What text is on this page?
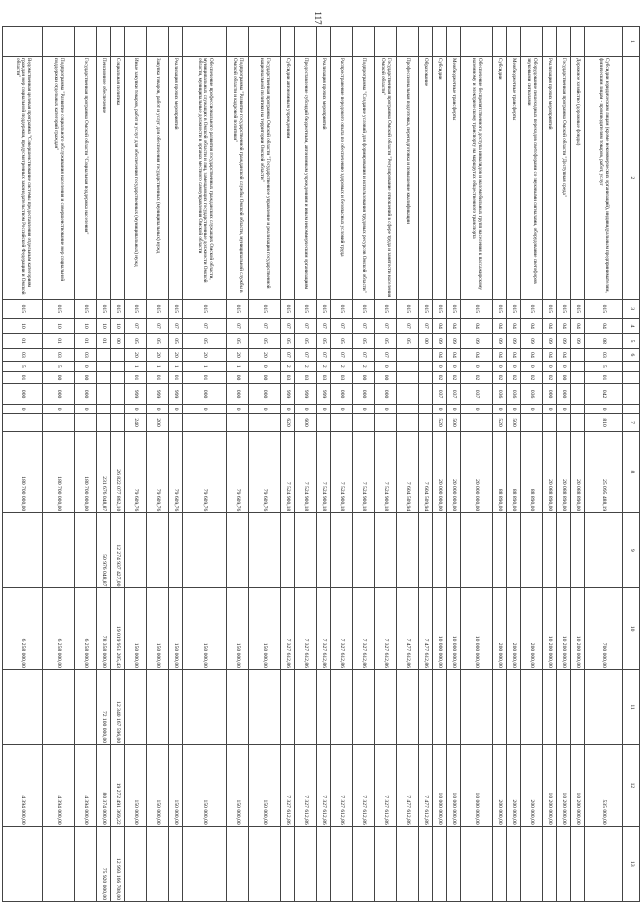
117
1	2	3	4	5	6					7	8	9	10	11	12	13
	Субсидии юридическим лицам (кроме некоммерческих организаций), индивидуальным предпринимателям, физическим лицам - производителям товаров, работ, услуг	015	04	08	03	5	01	042	0	810	25 095 488,19		700 000,00		535 000,00	
	Дорожное хозяйство (дорожные фонды)	015	04	09							20 088 890,00		10 200 000,00		10 200 000,00	
	Государственная программа Омской области "Доступная среда"	015	04	09	04	0	00	000	0		20 088 890,00		10 200 000,00		10 200 000,00	
	Реализация прочих мероприятий	015	04	09	04	0	02	000	0		20 088 890,00		10 200 000,00		10 200 000,00	
	Оборудование пешеходных переходов светофорами со звуковыми сигналами, оборудование светофоров звуковыми сигналами	015	04	09	04	0	02	036	0		88 890,00		200 000,00		200 000,00	
	Межбюджетные трансферты	015	04	09	04	0	02	036	0	500	88 890,00		200 000,00		200 000,00	
	Субсидии	015	04	09	04	0	02	036	0	520	88 890,00		200 000,00		200 000,00	
	Обеспечение беспрепятственного доступа инвалидов и маломобильных групп населения к пассажирскому наземному и электрическому транспорту на маршрутах общественного транспорта	015	04	09	04	0	02	037	0		20 000 000,00		10 000 000,00		10 000 000,00	
	Межбюджетные трансферты	015	04	09	04	0	02	037	0	500	20 000 000,00		10 000 000,00		10 000 000,00	
	Субсидии	015	04	09	04	0	02	037	0	520	20 000 000,00		10 000 000,00		10 000 000,00	
	Образование	015	07	00							7 604 509,94		7 477 612,86		7 477 612,86	
	Профессиональная подготовка, переподготовка и повышение квалификации	015	07	05							7 604 509,94		7 477 612,86		7 477 612,86	
	Государственная программа Омской области "Регулирование отношений в сфере труда и занятости населения Омской области"	015	07	05	07	0	00	000	0		7 524 900,18		7 327 612,86		7 327 612,86	
	Подпрограмма "Создание условий для формирования и использования трудовых ресурсов Омской области"	015	07	05	07	2	00	000	0		7 524 900,18		7 327 612,86		7 327 612,86	
	Распространение передового опыта по обеспечению здоровых и безопасных условий труда	015	07	05	07	2	03	000	0		7 524 900,18		7 327 612,86		7 327 612,86	
	Реализация прочих мероприятий	015	07	05	07	2	03	999	0		7 524 900,18		7 327 612,86		7 327 612,86	
	Предоставление субсидий бюджетным, автономным учреждениям и иным некоммерческим организациям	015	07	05	07	2	03	999	0	600	7 524 900,18		7 327 612,86		7 327 612,86	
	Субсидии автономным учреждениям	015	07	05	07	2	03	999	0	620	7 524 900,18		7 327 612,86		7 327 612,86	
	Государственная программа Омской области "Государственное управление и реализация государственной национальной политики на территории Омской области"	015	07	05	20	0	00	000	0		79 609,76		150 000,00		150 000,00	
	Подпрограмма "Развитие государственной гражданской службы Омской области, муниципальной службы в Омской области и кадровой политики"	015	07	05	20	1	00	000	0		79 609,76		150 000,00		150 000,00	
	Обеспечение профессионального развития государственных гражданских служащих Омской области, муниципальных служащих в Омской области и лиц, замещающих государственные должности Омской области, муниципальные должности в органах местного самоуправления Омской области	015	07	05	20	1	01	000	0		79 609,76		150 000,00		150 000,00	
	Реализация прочих мероприятий	015	07	05	20	1	01	999	0		79 609,76		150 000,00		150 000,00	
	Закупка товаров, работ и услуг для обеспечения государственных (муниципальных) нужд	015	07	05	20	1	01	999	0	200	79 609,76		150 000,00		150 000,00	
	Иные закупки товаров, работ и услуг для обеспечения государственных (муниципальных) нужд	015	07	05	20	1	01	999	0	240	79 609,76		150 000,00		150 000,00	
	Социальная политика	015	10	00							26 822 077 862,10	12 274 937 427,00	19 019 951 205,43	12 340 167 596,00	19 272 491 369,22	12 993 166 708,00
	Пенсионное обеспечение	015	10	01							231 676 048,87	50 976 048,87	78 358 000,00	72 100 000,00	80 374 000,00	75 920 000,00
	Государственная программа Омской области "Социальная поддержка населения"	015	10	01	03	0	00	000	0		180 700 000,00		6 258 000,00		4 394 000,00	
	Подпрограмма "Развитие социального обслуживания населения и совершенствование мер социальной поддержки отдельных категорий граждан"	015	10	01	03	5	00	000	0		180 700 000,00		6 258 000,00		4 394 000,00	
	Ведомственная целевая программа "Совершенствование системы предоставления отдельным категориям граждан мер социальной поддержки, предусмотренных законодательством Российской Федерации и Омской области"	015	10	01	03	5	01	000	0		180 700 000,00		6 258 000,00		4 394 000,00	
